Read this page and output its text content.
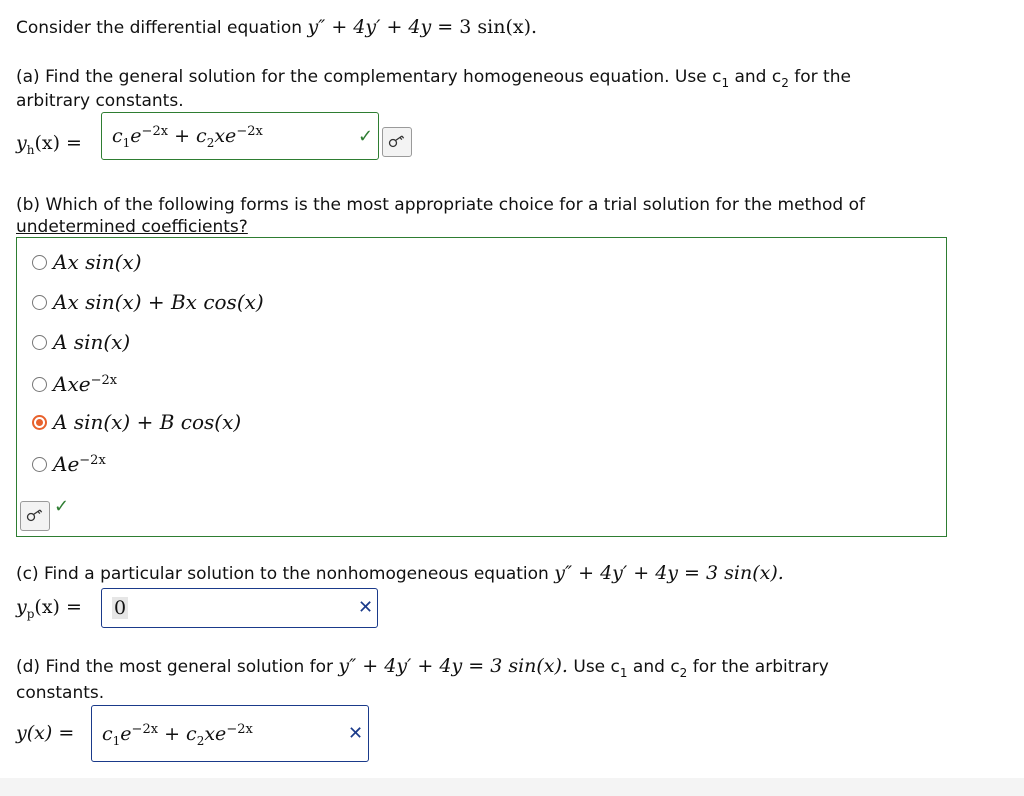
Consider the differential equation y″ + 4y′ + 4y = 3 sin(x).
(a) Find the general solution for the complementary homogeneous equation. Use $c_1$ and $c_2$ for the
arbitrary constants.
$y_h(x) = c_1e^{-2x} + c_2xe^{-2x}$	✓
(b) Which of the following forms is the most appropriate choice for a trial solution for the method of
undetermined coefficients?
Ax sin(x)
Ax sin(x) + Bx cos(x)
A sin(x)
Axe$^{-2x}$
A sin(x) + B cos(x)
$Ae^{-2x}$
✓
(c) Find a particular solution to the nonhomogeneous equation y″ + 4y′ + 4y = 3 sin(x).
$y_p(x) = 0$	✕
(d) Find the most general solution for y″ + 4y′ + 4y = 3 sin(x). Use $c_1$ and $c_2$ for the arbitrary
constants.
$y(x) = c_1e^{-2x} + c_2xe^{-2x}$	✕
